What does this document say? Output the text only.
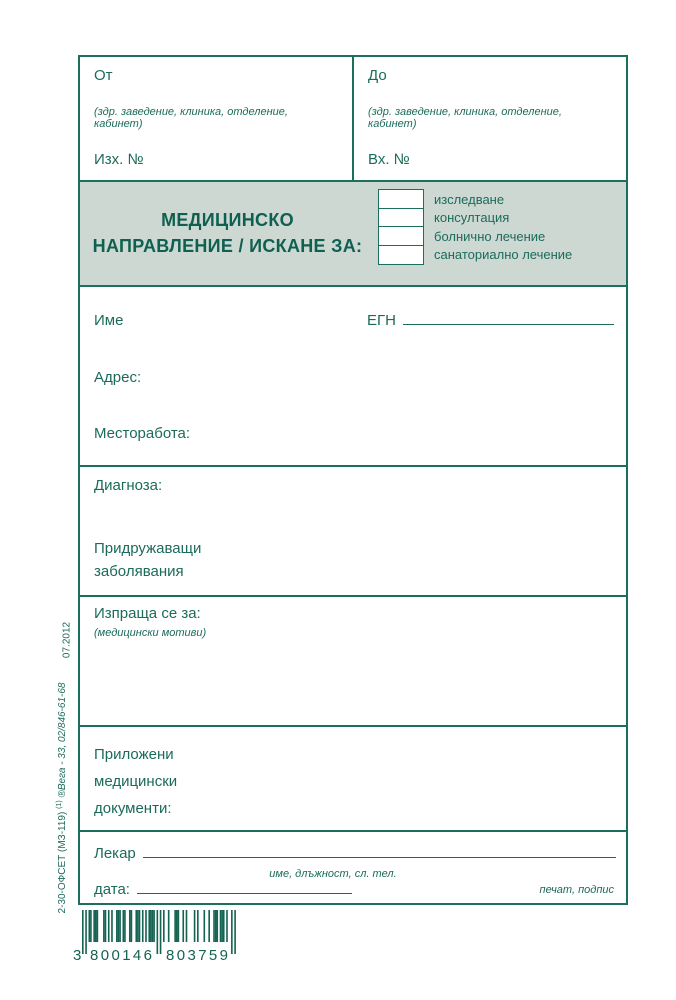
От
(здр. заведение, клиника, отделение, кабинет)
Изх. №
До
(здр. заведение, клиника, отделение, кабинет)
Вх. №
МЕДИЦИНСКО
НАПРАВЛЕНИЕ / ИСКАНЕ ЗА:
изследване
консултация
болнично лечение
санаториално лечение
Име	ЕГН
Адрес:
Месторабота:
Диагноза:
Придружаващи заболявания
Изпраща се за:
(медицински мотиви)
Приложени медицински документи:
Лекар
име, длъжност, сл. тел.
дата:	печат, подпис
07.2012
2-30-ОФСЕТ (МЗ-119) $^{(1)}$ ®Вега - 33, 02/846-61-68
3 800146 803759
